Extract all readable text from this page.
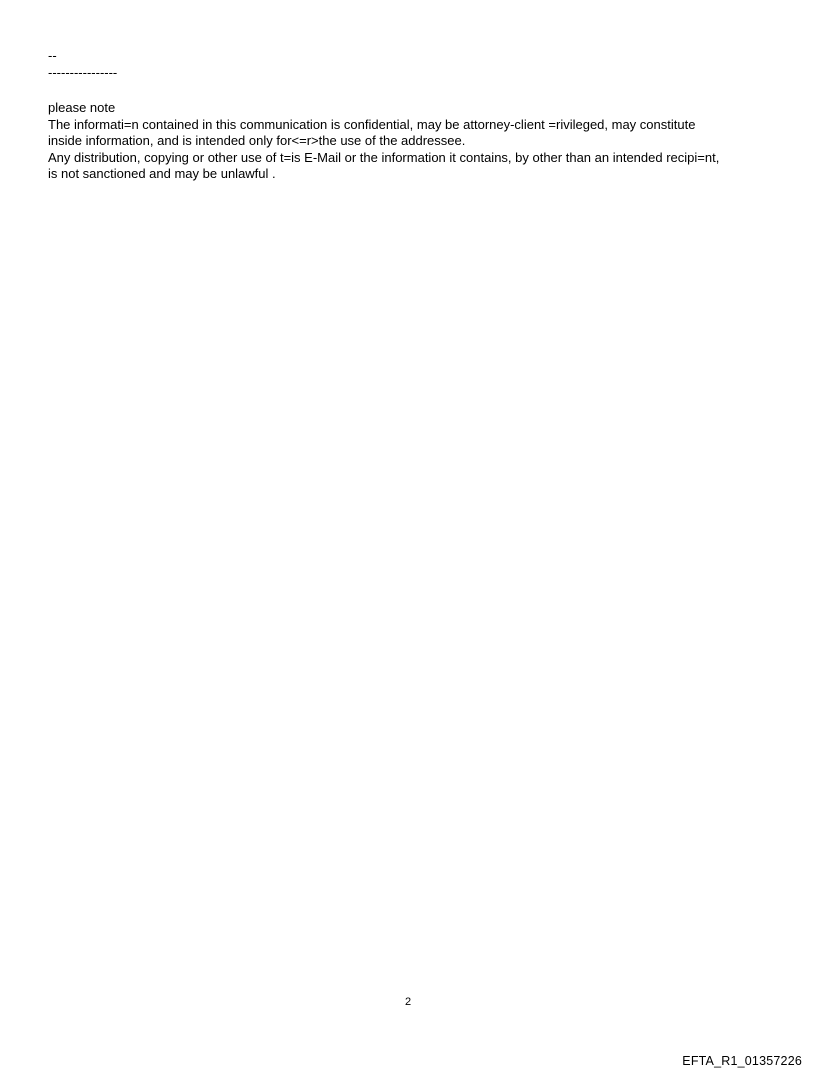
--
----------------
please note
The informati=n contained in this communication is confidential, may be attorney-client =rivileged, may constitute
inside information, and is intended only for<=r>the use of the addressee.
Any distribution, copying or other use of t=is E-Mail or the information it contains, by other than an intended recipi=nt,
is not sanctioned and may be unlawful .
2
EFTA_R1_01357226
